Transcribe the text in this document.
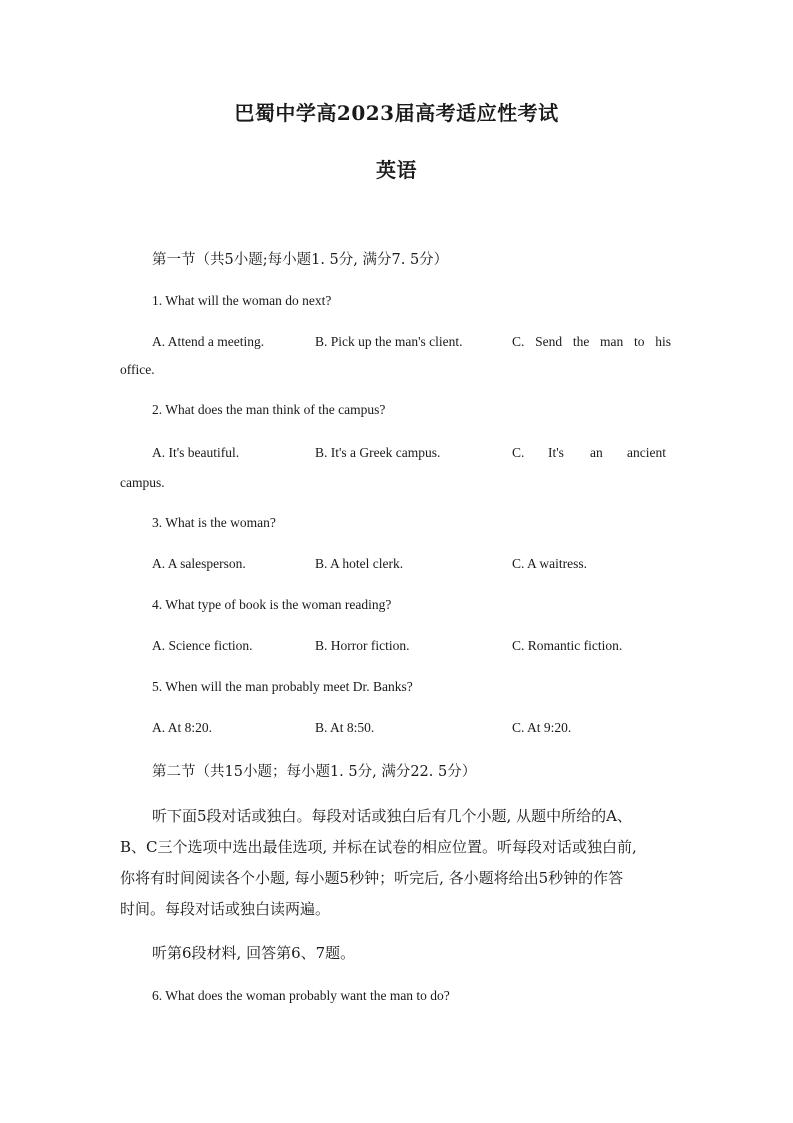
巴蜀中学高2023届高考适应性考试
英语
第一节（共5小题;每小题1. 5分, 满分7. 5分）
1. What will the woman do next?
A. Attend a meeting.	B. Pick up the man's client.	C. Send the man to his
office.
2. What does the man think of the campus?
A. It's beautiful.	B. It's a Greek campus.	C. It's an ancient
campus.
3. What is the woman?
A. A salesperson.	B. A hotel clerk.	C. A waitress.
4. What type of book is the woman reading?
A. Science fiction.	B. Horror fiction.	C. Romantic fiction.
5. When will the man probably meet Dr. Banks?
A. At 8:20.	B. At 8:50.	C. At 9:20.
第二节（共15小题；每小题1. 5分, 满分22. 5分）
听下面5段对话或独白。每段对话或独白后有几个小题, 从题中所给的A、
B、C三个选项中选出最佳选项, 并标在试卷的相应位置。听每段对话或独白前,
你将有时间阅读各个小题, 每小题5秒钟；听完后, 各小题将给出5秒钟的作答
时间。每段对话或独白读两遍。
听第6段材料, 回答第6、7题。
6. What does the woman probably want the man to do?
